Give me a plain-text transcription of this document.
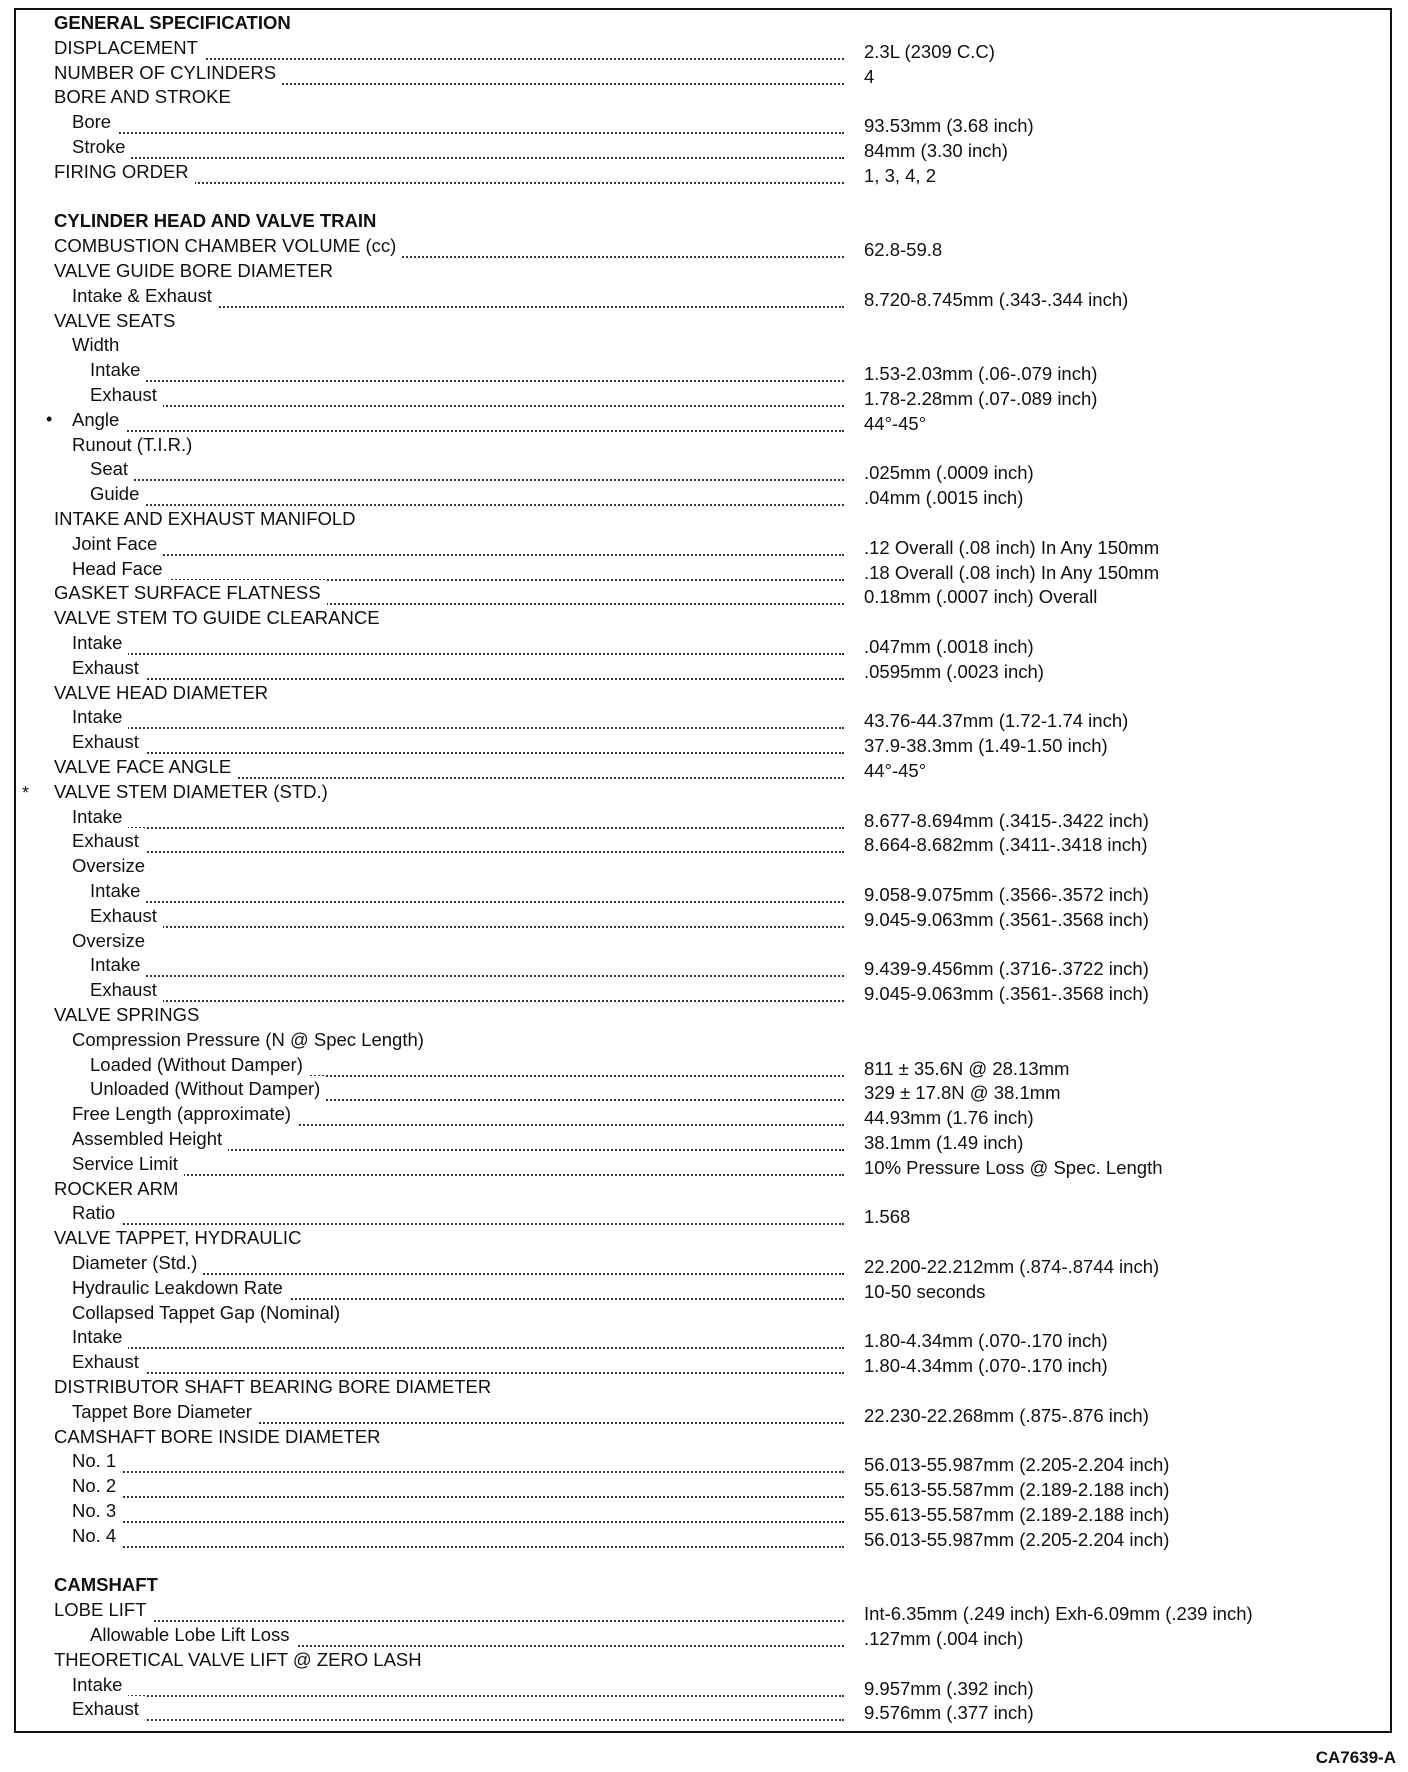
GENERAL SPECIFICATION
DISPLACEMENT	2.3L (2309 C.C)
NUMBER OF CYLINDERS	4
BORE AND STROKE
Bore	93.53mm (3.68 inch)
Stroke	84mm (3.30 inch)
FIRING ORDER	1, 3, 4, 2
CYLINDER HEAD AND VALVE TRAIN
COMBUSTION CHAMBER VOLUME (cc)	62.8-59.8
VALVE GUIDE BORE DIAMETER
Intake & Exhaust	8.720-8.745mm (.343-.344 inch)
VALVE SEATS
Width
Intake	1.53-2.03mm (.06-.079 inch)
Exhaust	1.78-2.28mm (.07-.089 inch)
• Angle	44°-45°
Runout (T.I.R.)
Seat	.025mm (.0009 inch)
Guide	.04mm (.0015 inch)
INTAKE AND EXHAUST MANIFOLD
Joint Face	.12 Overall (.08 inch) In Any 150mm
Head Face	.18 Overall (.08 inch) In Any 150mm
GASKET SURFACE FLATNESS	0.18mm (.0007 inch) Overall
VALVE STEM TO GUIDE CLEARANCE
Intake	.047mm (.0018 inch)
Exhaust	.0595mm (.0023 inch)
VALVE HEAD DIAMETER
Intake	43.76-44.37mm (1.72-1.74 inch)
Exhaust	37.9-38.3mm (1.49-1.50 inch)
VALVE FACE ANGLE	44°-45°
* VALVE STEM DIAMETER (STD.)
Intake	8.677-8.694mm (.3415-.3422 inch)
Exhaust	8.664-8.682mm (.3411-.3418 inch)
Oversize
Intake	9.058-9.075mm (.3566-.3572 inch)
Exhaust	9.045-9.063mm (.3561-.3568 inch)
Oversize
Intake	9.439-9.456mm (.3716-.3722 inch)
Exhaust	9.045-9.063mm (.3561-.3568 inch)
VALVE SPRINGS
Compression Pressure (N @ Spec Length)
Loaded (Without Damper)	811 ± 35.6N @ 28.13mm
Unloaded (Without Damper)	329 ± 17.8N @ 38.1mm
Free Length (approximate)	44.93mm (1.76 inch)
Assembled Height	38.1mm (1.49 inch)
Service Limit	10% Pressure Loss @ Spec. Length
ROCKER ARM
Ratio	1.568
VALVE TAPPET, HYDRAULIC
Diameter (Std.)	22.200-22.212mm (.874-.8744 inch)
Hydraulic Leakdown Rate	10-50 seconds
Collapsed Tappet Gap (Nominal)
Intake	1.80-4.34mm (.070-.170 inch)
Exhaust	1.80-4.34mm (.070-.170 inch)
DISTRIBUTOR SHAFT BEARING BORE DIAMETER
Tappet Bore Diameter	22.230-22.268mm (.875-.876 inch)
CAMSHAFT BORE INSIDE DIAMETER
No. 1	56.013-55.987mm (2.205-2.204 inch)
No. 2	55.613-55.587mm (2.189-2.188 inch)
No. 3	55.613-55.587mm (2.189-2.188 inch)
No. 4	56.013-55.987mm (2.205-2.204 inch)
CAMSHAFT
LOBE LIFT	Int-6.35mm (.249 inch) Exh-6.09mm (.239 inch)
Allowable Lobe Lift Loss	.127mm (.004 inch)
THEORETICAL VALVE LIFT @ ZERO LASH
Intake	9.957mm (.392 inch)
Exhaust	9.576mm (.377 inch)
CA7639-A
